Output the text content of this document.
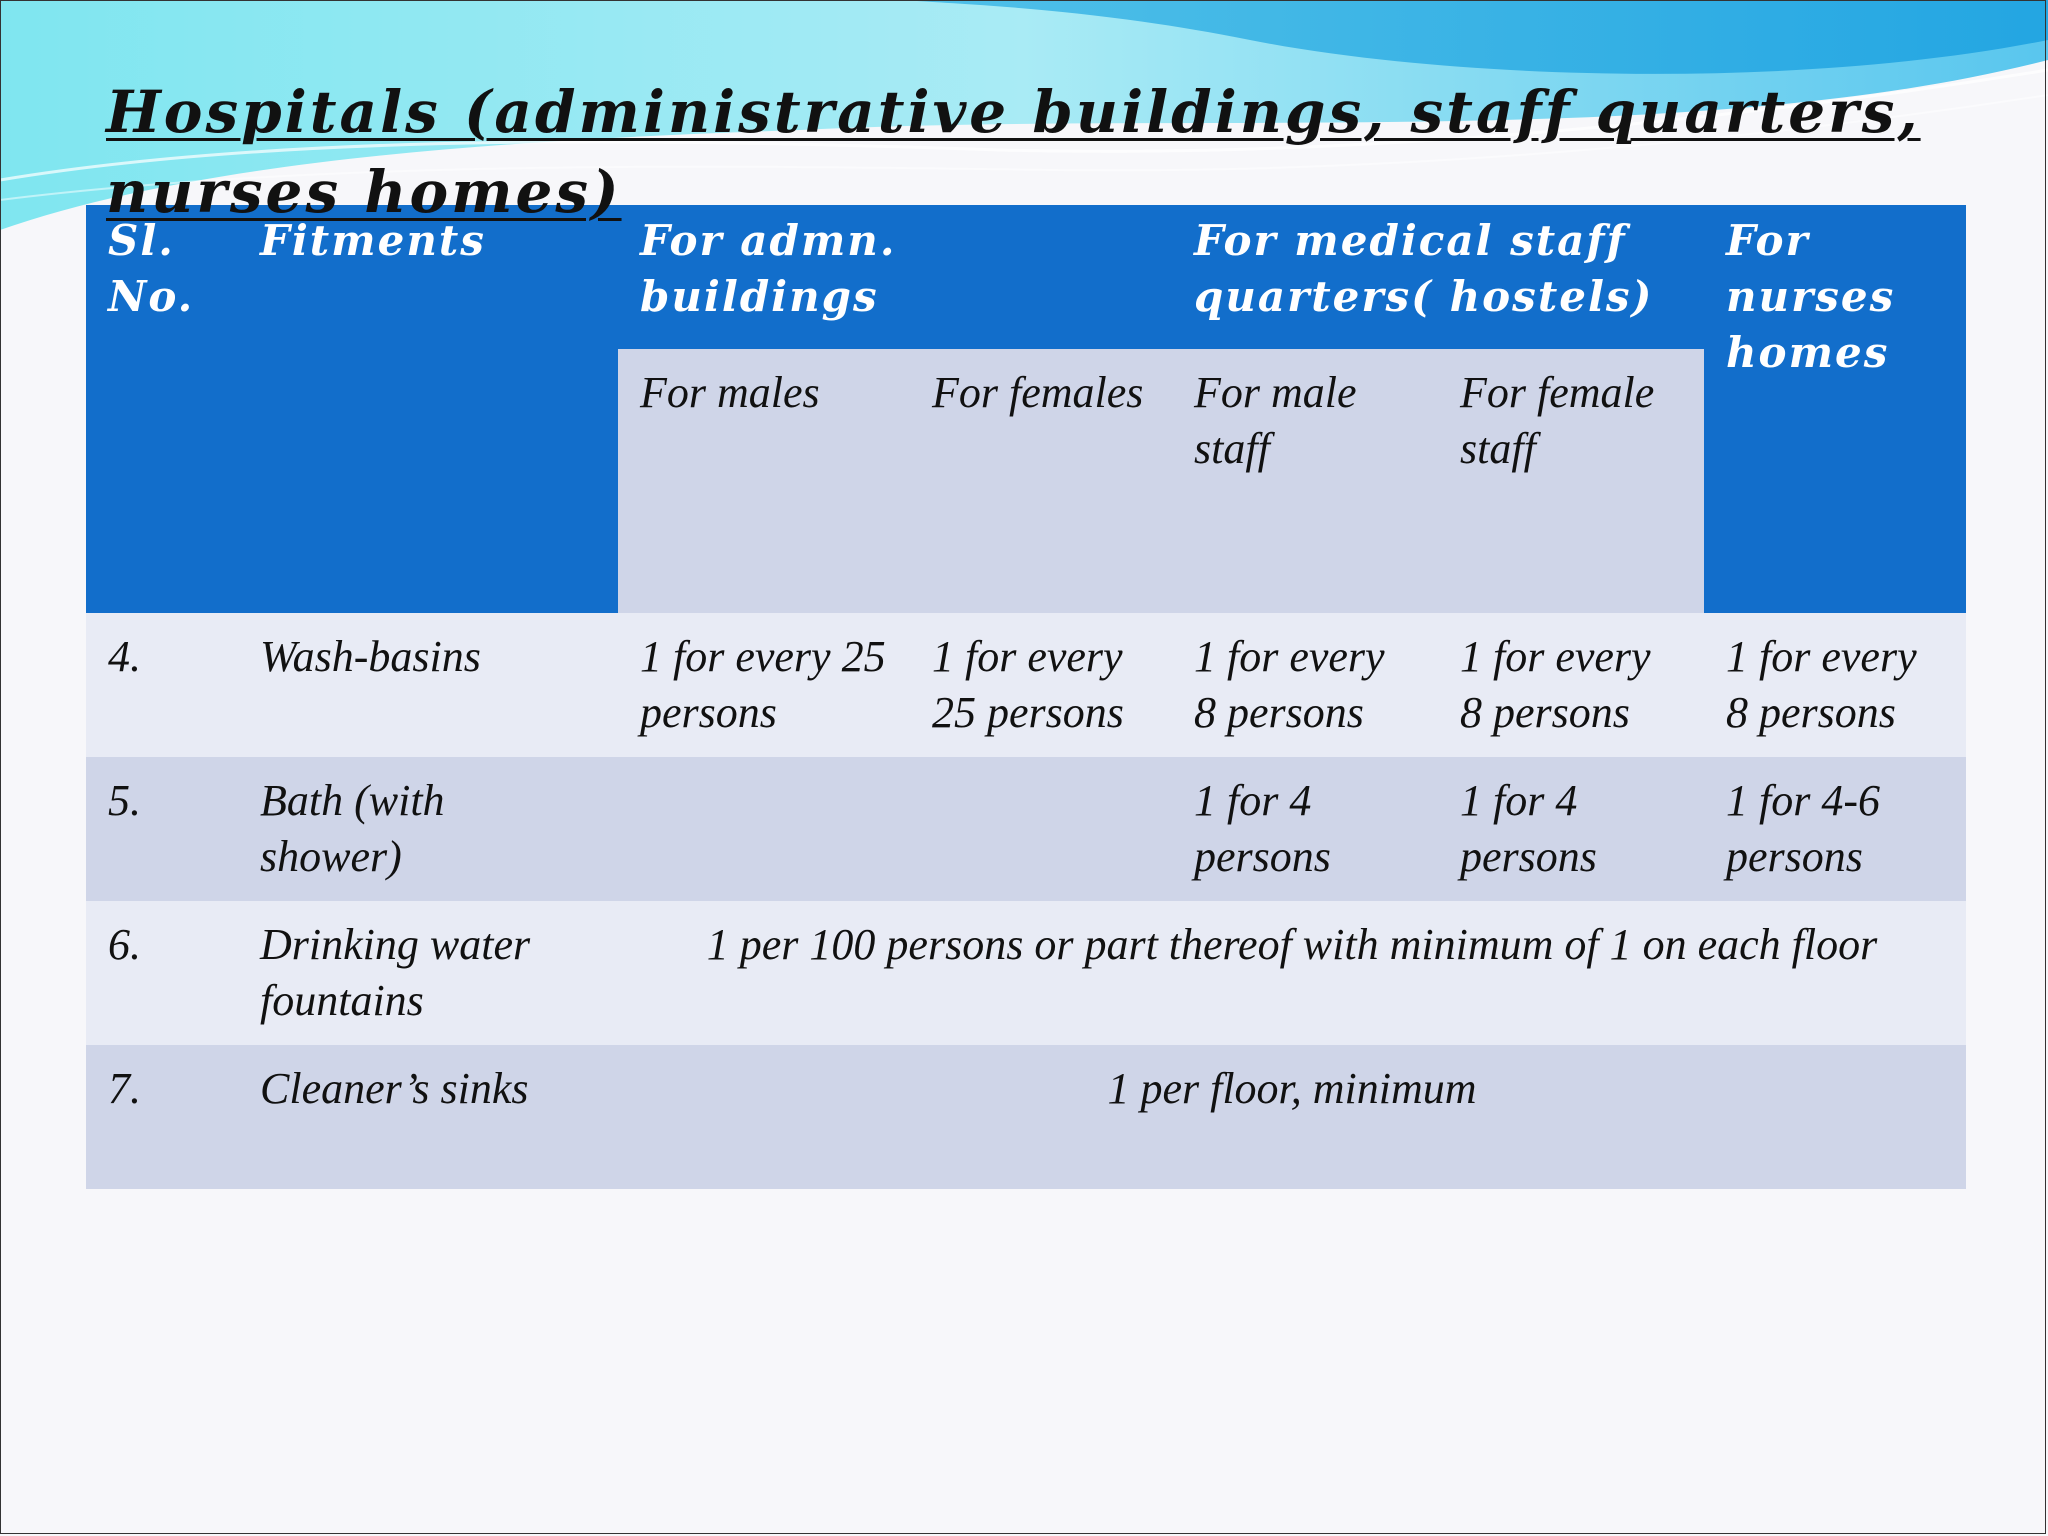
Hospitals (administrative buildings, staff quarters, nurses homes)
Sl. No.	Fitments	For admn. buildings		For medical staff quarters( hostels)		For nurses homes
		For males	For females	For male staff	For female staff	
4.	Wash-basins	1 for every 25 persons	1 for every 25 persons	1 for every 8 persons	1 for every 8 persons	1 for every 8 persons
5.	Bath (with shower)			1 for 4 persons	1 for 4 persons	1 for 4-6 persons
6.	Drinking water fountains	1 per 100 persons or part thereof with minimum of 1 on each floor				
7.	Cleaner’s sinks	1 per floor, minimum				
